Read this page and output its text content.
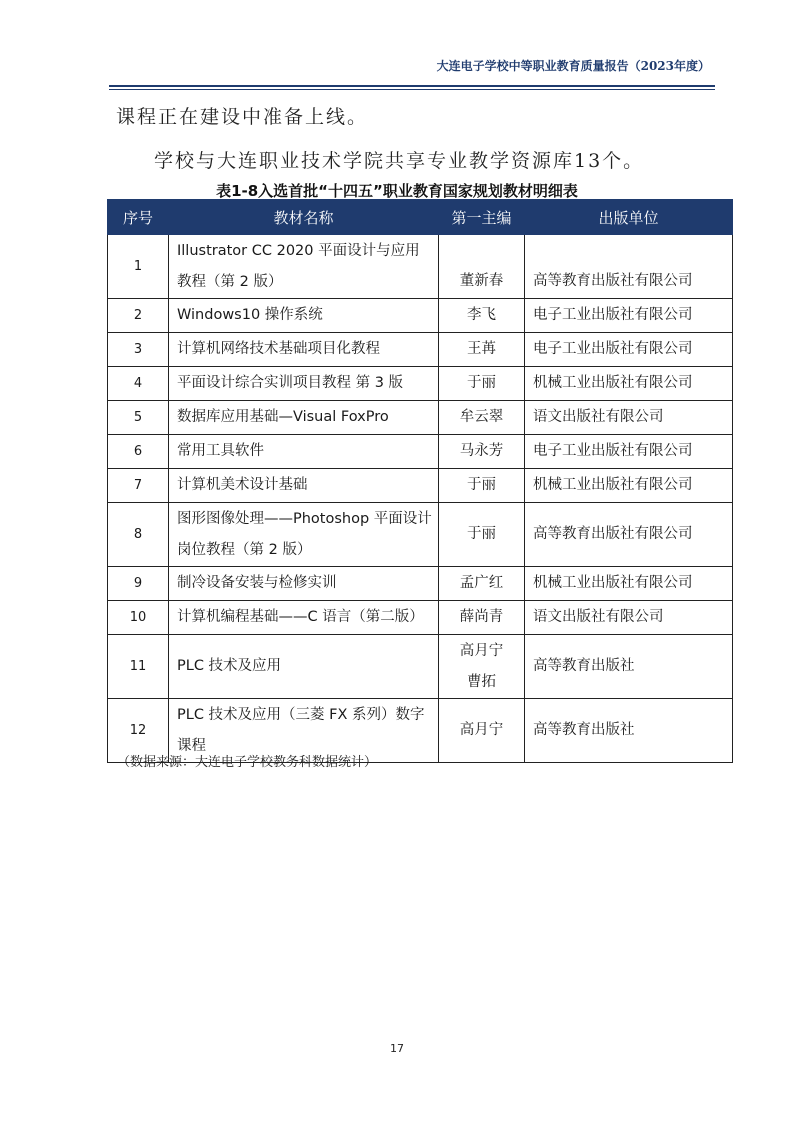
大连电子学校中等职业教育质量报告（2023年度）
课程正在建设中准备上线。
学校与大连职业技术学院共享专业教学资源库13个。
表1-8入选首批“十四五”职业教育国家规划教材明细表
序号	教材名称	第一主编	出版单位
1	Illustrator CC 2020 平面设计与应用教程（第 2 版）	董新春	高等教育出版社有限公司
2	Windows10 操作系统	李飞	电子工业出版社有限公司
3	计算机网络技术基础项目化教程	王苒	电子工业出版社有限公司
4	平面设计综合实训项目教程 第 3 版	于丽	机械工业出版社有限公司
5	数据库应用基础—Visual FoxPro	牟云翠	语文出版社有限公司
6	常用工具软件	马永芳	电子工业出版社有限公司
7	计算机美术设计基础	于丽	机械工业出版社有限公司
8	图形图像处理——Photoshop 平面设计岗位教程（第 2 版）	于丽	高等教育出版社有限公司
9	制冷设备安装与检修实训	孟广红	机械工业出版社有限公司
10	计算机编程基础——C 语言（第二版）	薛尚青	语文出版社有限公司
11	PLC 技术及应用	高月宁 曹拓	高等教育出版社
12	PLC 技术及应用（三菱 FX 系列）数字课程	高月宁	高等教育出版社
（数据来源：大连电子学校教务科数据统计）
17
